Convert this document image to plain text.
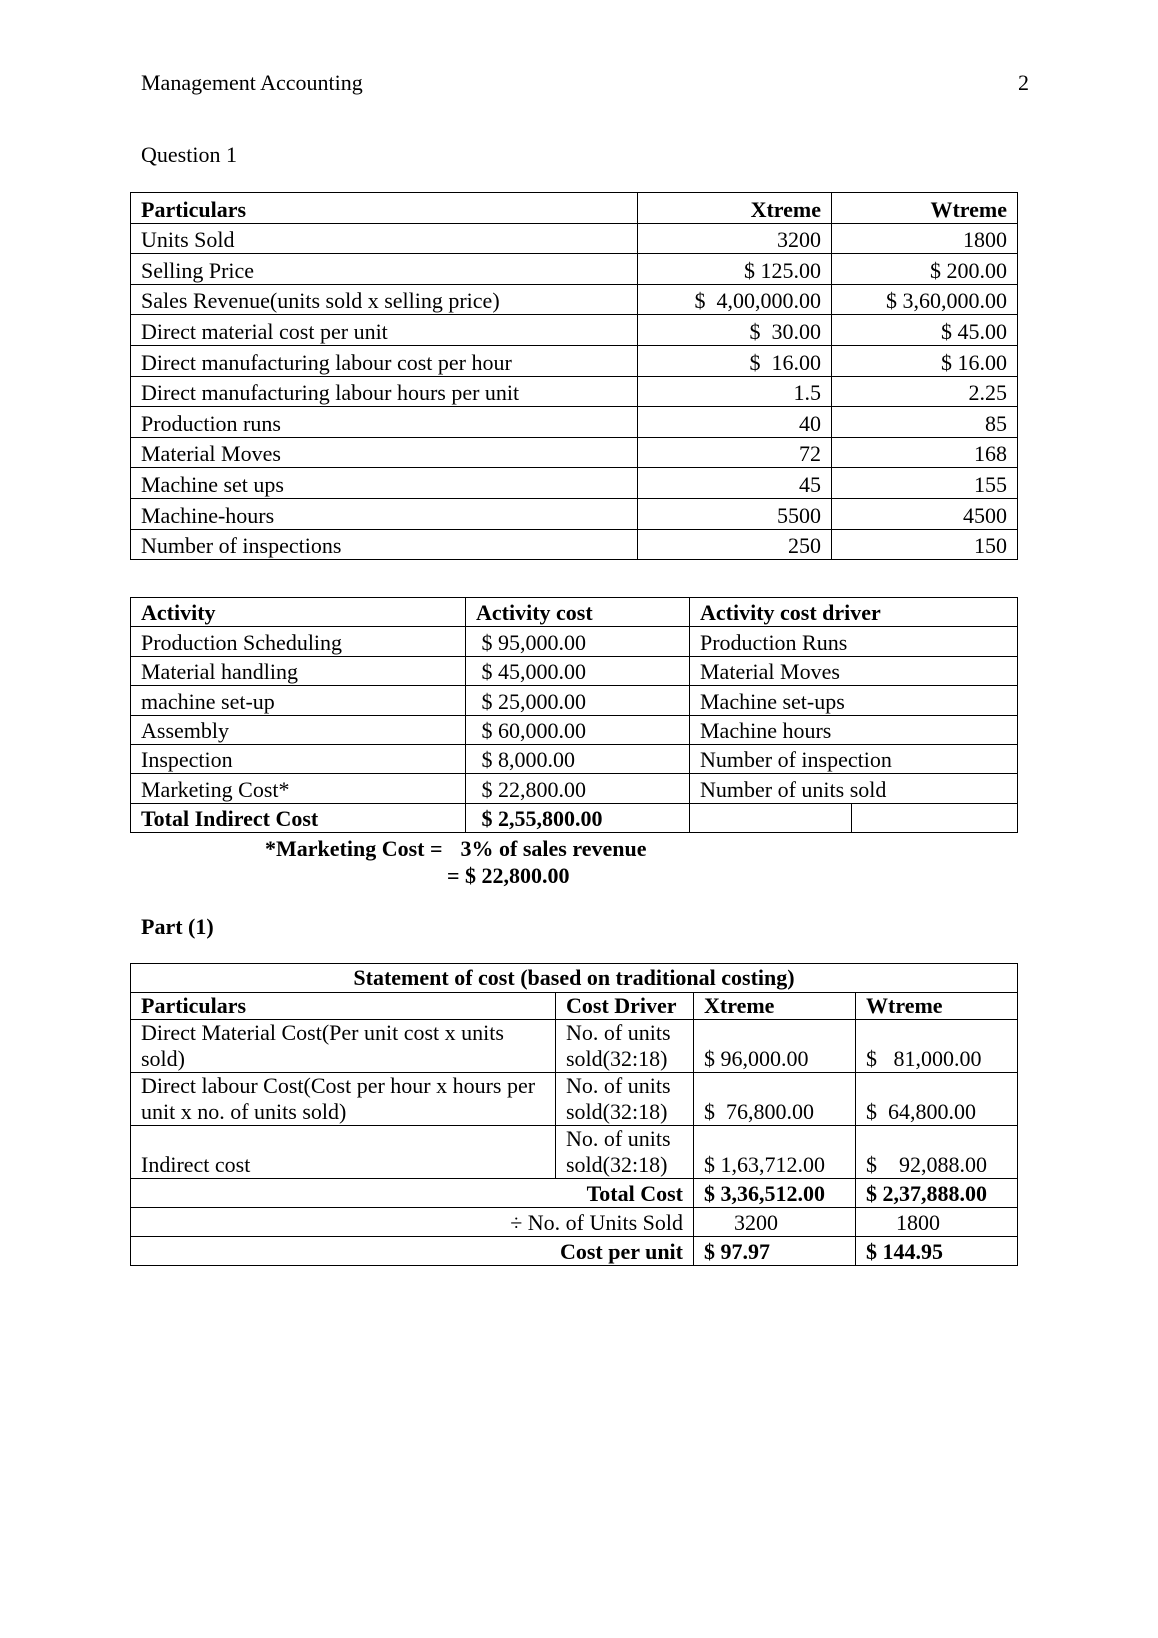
Management Accounting	2
Question 1
Particulars	Xtreme	Wtreme
Units Sold	3200	1800
Selling Price	$ 125.00	$ 200.00
Sales Revenue(units sold x selling price)	$  4,00,000.00	$ 3,60,000.00
Direct material cost per unit	$  30.00	$ 45.00
Direct manufacturing labour cost per hour	$  16.00	$ 16.00
Direct manufacturing labour hours per unit	1.5	2.25
Production runs	40	85
Material Moves	72	168
Machine set ups	45	155
Machine-hours	5500	4500
Number of inspections	250	150
Activity	Activity cost	Activity cost driver	
Production Scheduling	$ 95,000.00	Production Runs	
Material handling	$ 45,000.00	Material Moves	
machine set-up	$ 25,000.00	Machine set-ups	
Assembly	$ 60,000.00	Machine hours	
Inspection	$ 8,000.00	Number of inspection	
Marketing Cost*	$ 22,800.00	Number of units sold	
Total Indirect Cost	$ 2,55,800.00		
*Marketing Cost = 3% of sales revenue
= $ 22,800.00
Part (1)
Statement of cost (based on traditional costing)			
Particulars	Cost Driver	Xtreme	Wtreme
Direct Material Cost(Per unit cost x units sold)	No. of units sold(32:18)	$ 96,000.00	$   81,000.00
Direct labour Cost(Cost per hour x hours per unit x no. of units sold)	No. of units sold(32:18)	$  76,800.00	$  64,800.00
Indirect cost	No. of units sold(32:18)	$ 1,63,712.00	$    92,088.00
Total Cost		$ 3,36,512.00	$ 2,37,888.00
÷ No. of Units Sold		3200	1800
Cost per unit		$ 97.97	$ 144.95
